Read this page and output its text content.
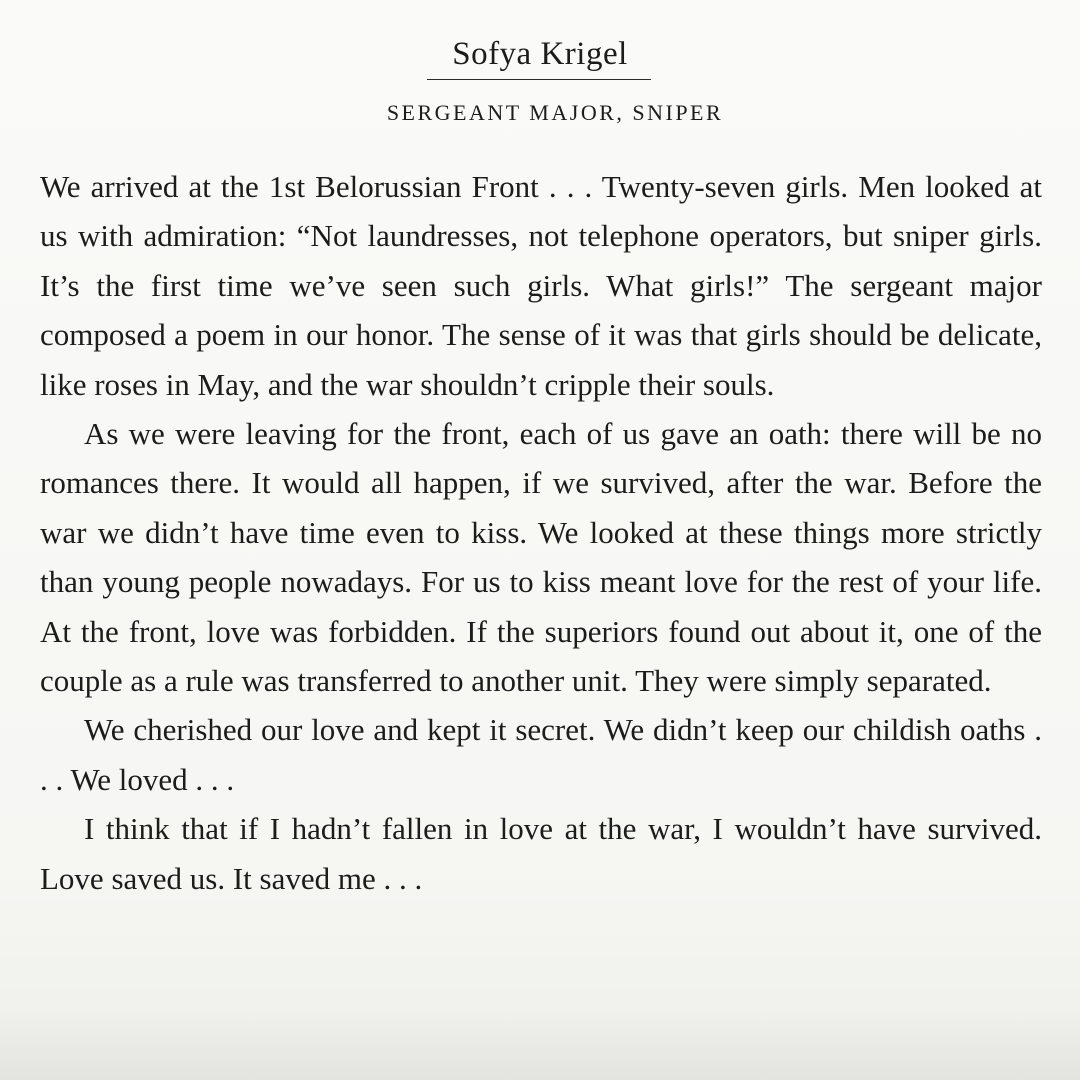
Sofya Krigel
SERGEANT MAJOR, SNIPER

We arrived at the 1st Belorussian Front . . . Twenty-seven girls. Men looked at us with admiration: “Not laundresses, not telephone operators, but sniper girls. It’s the first time we’ve seen such girls. What girls!” The sergeant major composed a poem in our honor. The sense of it was that girls should be delicate, like roses in May, and the war shouldn’t cripple their souls.

As we were leaving for the front, each of us gave an oath: there will be no romances there. It would all happen, if we survived, after the war. Before the war we didn’t have time even to kiss. We looked at these things more strictly than young people nowadays. For us to kiss meant love for the rest of your life. At the front, love was forbidden. If the superiors found out about it, one of the couple as a rule was transferred to another unit. They were simply separated.

We cherished our love and kept it secret. We didn’t keep our childish oaths . . . We loved . . .

I think that if I hadn’t fallen in love at the war, I wouldn’t have survived. Love saved us. It saved me . . .
